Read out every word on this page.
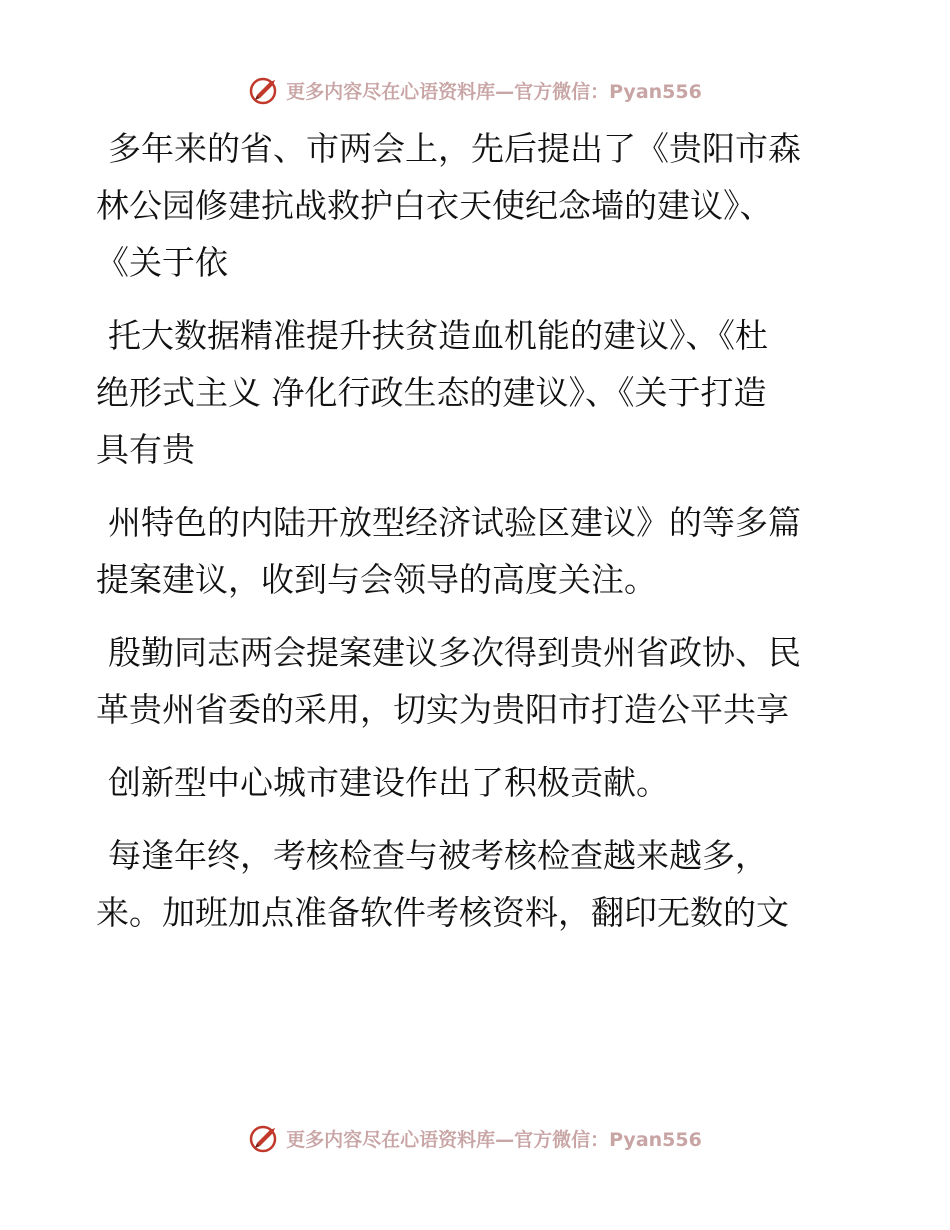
更多内容尽在心语资料库—官方微信：Pyan556
多年来的省、市两会上，先后提出了《贵阳市森
林公园修建抗战救护白衣天使纪念墙的建议》、
《关于依
托大数据精准提升扶贫造血机能的建议》、《杜
绝形式主义 净化行政生态的建议》、《关于打造
具有贵
州特色的内陆开放型经济试验区建议》的等多篇
提案建议，收到与会领导的高度关注。
殷勤同志两会提案建议多次得到贵州省政协、民
革贵州省委的采用，切实为贵阳市打造公平共享
创新型中心城市建设作出了积极贡献。
每逢年终，考核检查与被考核检查越来越多，
来。加班加点准备软件考核资料，翻印无数的文
更多内容尽在心语资料库—官方微信：Pyan556
